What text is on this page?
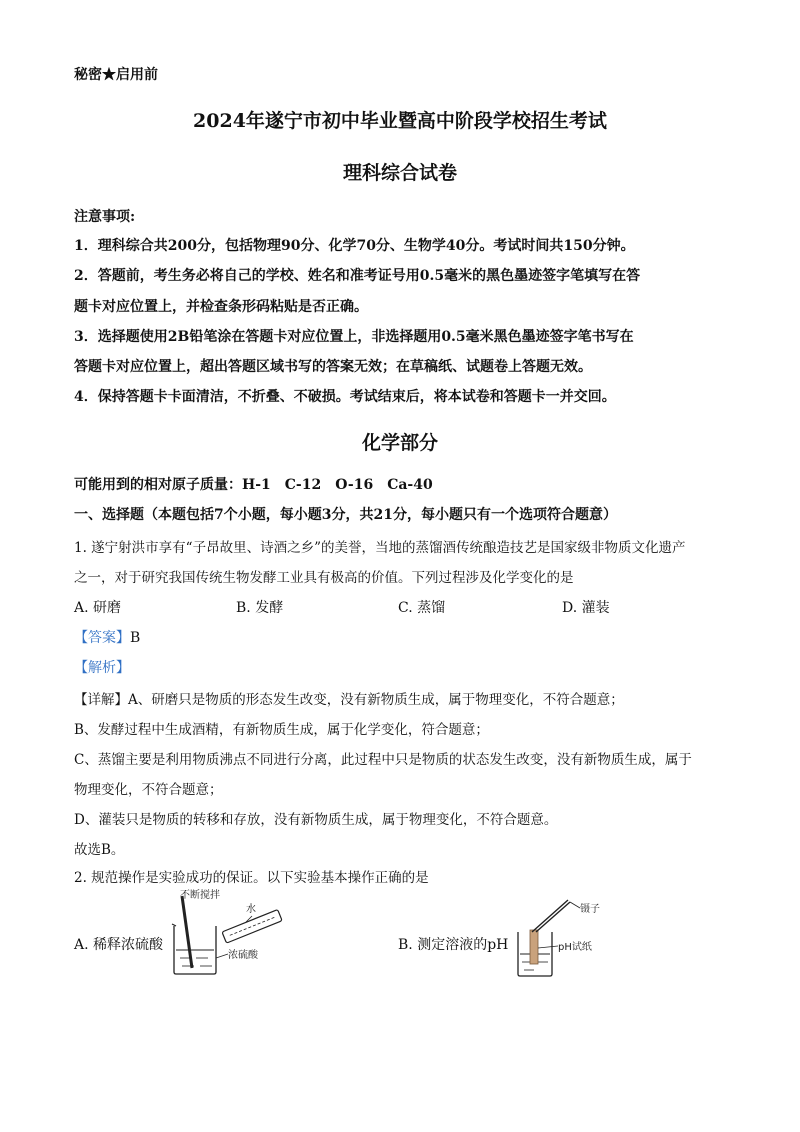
秘密★启用前
2024年遂宁市初中毕业暨高中阶段学校招生考试
理科综合试卷
注意事项:
1．理科综合共200分，包括物理90分、化学70分、生物学40分。考试时间共150分钟。
2．答题前，考生务必将自己的学校、姓名和准考证号用0.5毫米的黑色墨迹签字笔填写在答
题卡对应位置上，并检查条形码粘贴是否正确。
3．选择题使用2B铅笔涂在答题卡对应位置上，非选择题用0.5毫米黑色墨迹签字笔书写在
答题卡对应位置上，超出答题区域书写的答案无效；在草稿纸、试题卷上答题无效。
4．保持答题卡卡面清洁，不折叠、不破损。考试结束后，将本试卷和答题卡一并交回。
化学部分
可能用到的相对原子质量：H-1　C-12　O-16　Ca-40
一、选择题（本题包括7个小题，每小题3分，共21分，每小题只有一个选项符合题意）
1. 遂宁射洪市享有“子昂故里、诗酒之乡”的美誉，当地的蒸馏酒传统酿造技艺是国家级非物质文化遗产
之一，对于研究我国传统生物发酵工业具有极高的价值。下列过程涉及化学变化的是
A. 研磨	B. 发酵	C. 蒸馏	D. 灌装
【答案】B
【解析】
【详解】A、研磨只是物质的形态发生改变，没有新物质生成，属于物理变化，不符合题意；
B、发酵过程中生成酒精，有新物质生成，属于化学变化，符合题意；
C、蒸馏主要是利用物质沸点不同进行分离，此过程中只是物质的状态发生改变，没有新物质生成，属于
物理变化，不符合题意；
D、灌装只是物质的转移和存放，没有新物质生成，属于物理变化，不符合题意。
故选B。
2. 规范操作是实验成功的保证。以下实验基本操作正确的是
A. 稀释浓硫酸	B. 测定溶液的pH
不断搅拌
水
浓硫酸
镊子
pH试纸
